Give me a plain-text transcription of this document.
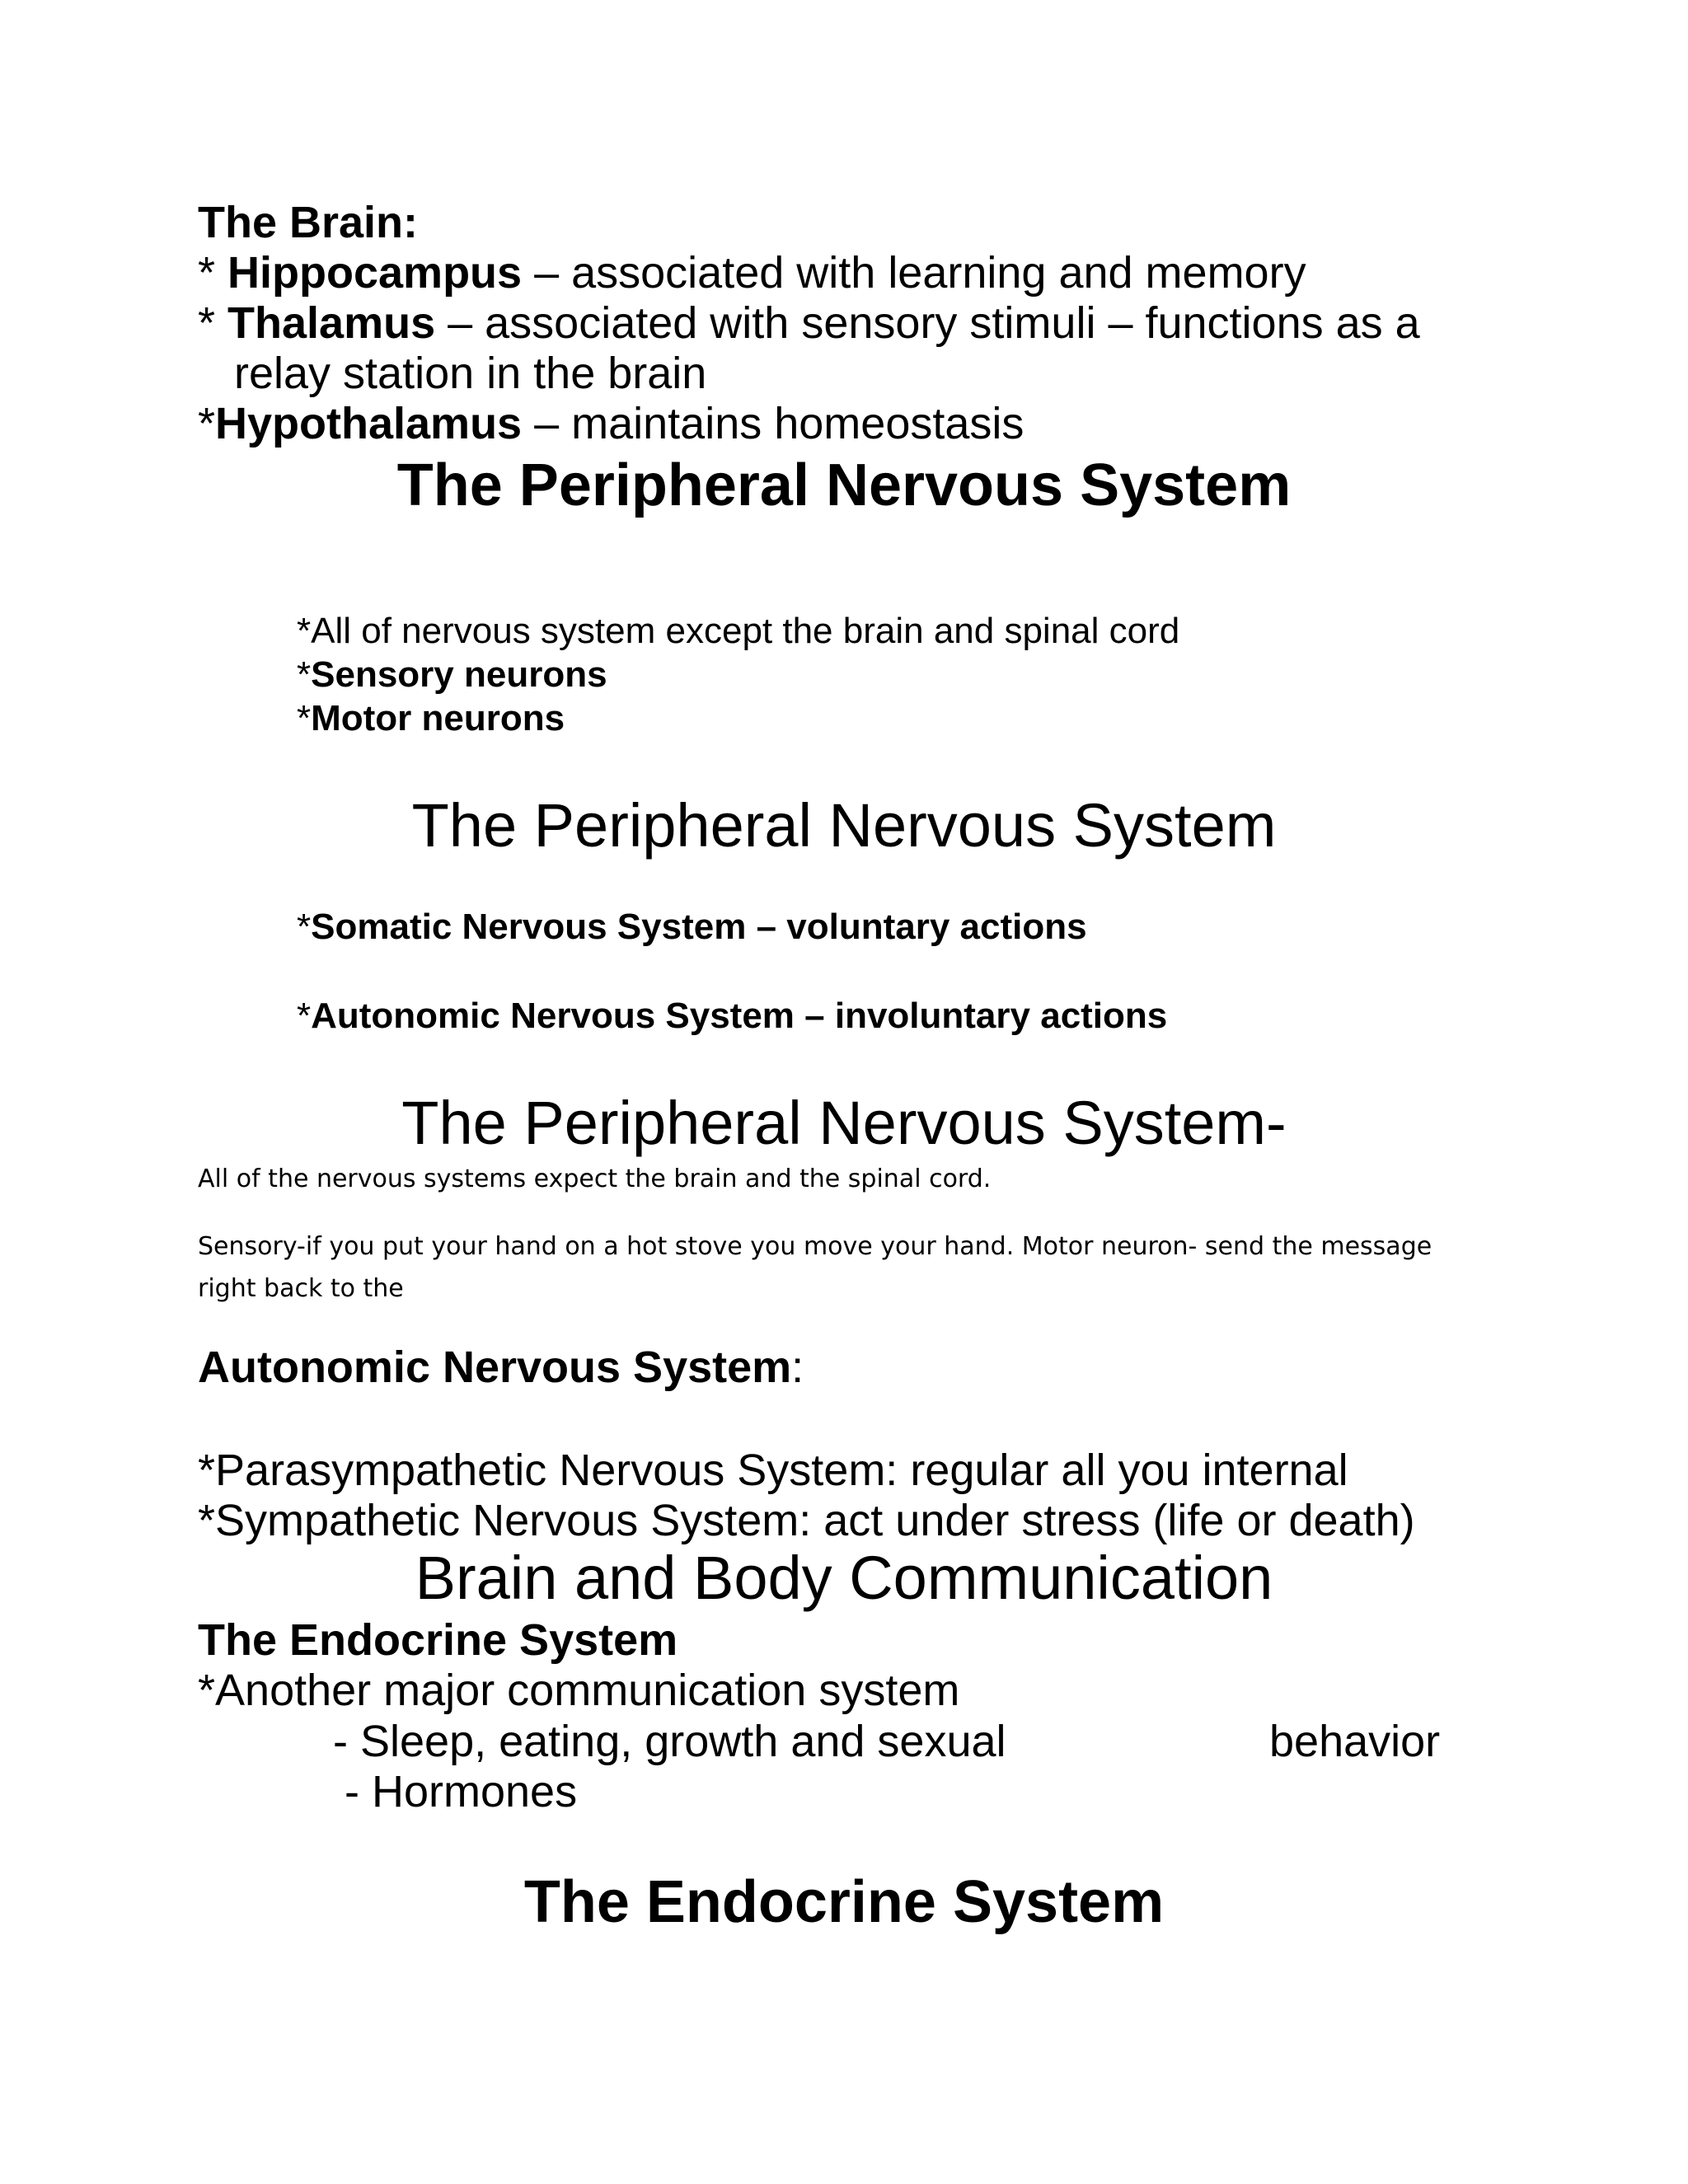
The Brain:
* Hippocampus – associated with learning and memory
* Thalamus – associated with sensory stimuli – functions as a
relay station in the brain
*Hypothalamus – maintains homeostasis
The Peripheral Nervous System
*All of nervous system except the brain and spinal cord
*Sensory neurons
*Motor neurons
The Peripheral Nervous System
*Somatic Nervous System – voluntary actions
*Autonomic Nervous System – involuntary actions
The Peripheral Nervous System-
All of the nervous systems expect the brain and the spinal cord.
Sensory-if you put your hand on a hot stove you move your hand. Motor neuron- send the message
right back to the
Autonomic Nervous System:
*Parasympathetic Nervous System: regular all you internal
*Sympathetic Nervous System: act under stress (life or death)
Brain and Body Communication
The Endocrine System
*Another major communication system
- Sleep, eating, growth and sexual	behavior
- Hormones
The Endocrine System
